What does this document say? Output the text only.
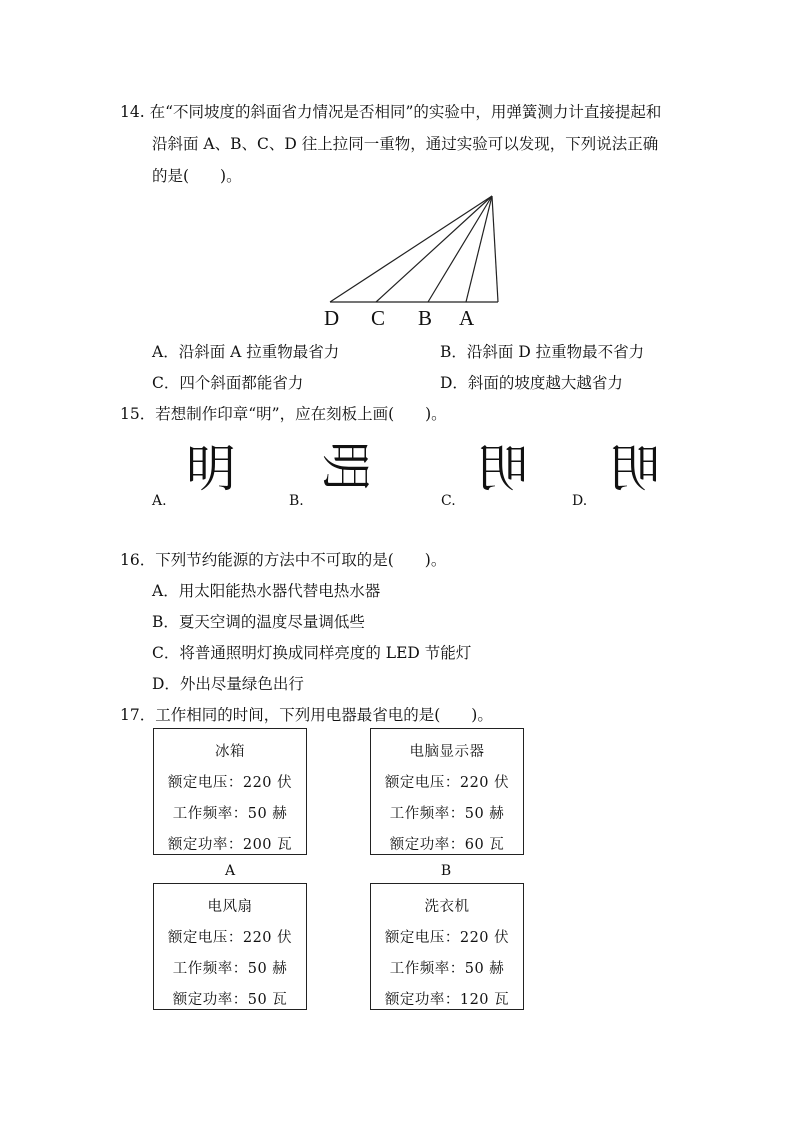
14. 在“不同坡度的斜面省力情况是否相同”的实验中，用弹簧测力计直接提起和
沿斜面 A、B、C、D 往上拉同一重物，通过实验可以发现，下列说法正确
的是(　　)。
D C B A
A．沿斜面 A 拉重物最省力	B．沿斜面 D 拉重物最不省力
C．四个斜面都能省力	D．斜面的坡度越大越省力
15．若想制作印章“明”，应在刻板上画(　　)。
A.
明
B.
明
C.
明
D.
明
16．下列节约能源的方法中不可取的是(　　)。
A．用太阳能热水器代替电热水器
B．夏天空调的温度尽量调低些
C．将普通照明灯换成同样亮度的 LED 节能灯
D．外出尽量绿色出行
17．工作相同的时间，下列用电器最省电的是(　　)。
冰箱
额定电压：220 伏
工作频率：50 赫
额定功率：200 瓦
A
电脑显示器
额定电压：220 伏
工作频率：50 赫
额定功率：60 瓦
B
电风扇
额定电压：220 伏
工作频率：50 赫
额定功率：50 瓦
洗衣机
额定电压：220 伏
工作频率：50 赫
额定功率：120 瓦
